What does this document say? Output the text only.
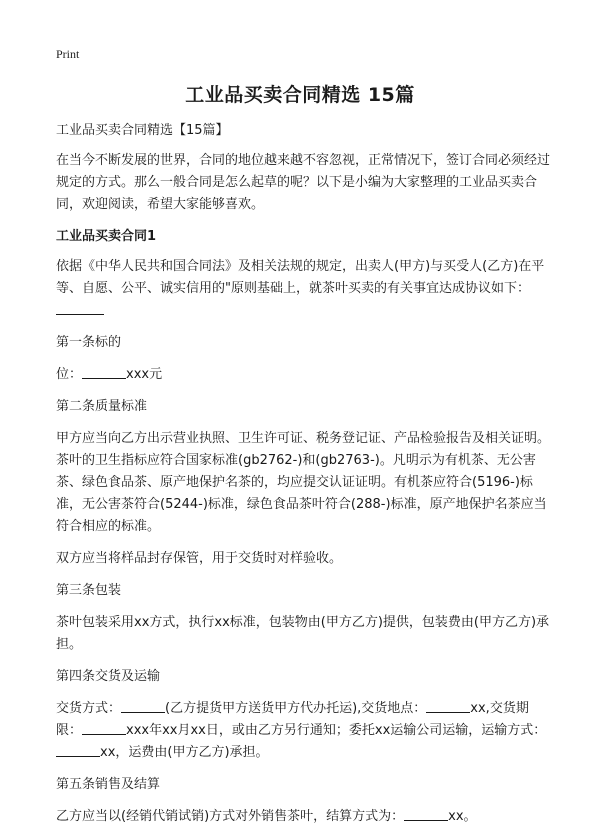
Print
工业品买卖合同精选 15篇

工业品买卖合同精选【15篇】

在当今不断发展的世界，合同的地位越来越不容忽视，正常情况下，签订合同必须经过规定的方式。那么一般合同是怎么起草的呢？以下是小编为大家整理的工业品买卖合同，欢迎阅读，希望大家能够喜欢。

工业品买卖合同1

依据《中华人民共和国合同法》及相关法规的规定，出卖人(甲方)与买受人(乙方)在平等、自愿、公平、诚实信用的"原则基础上，就茶叶买卖的有关事宜达成协议如下：

第一条标的

位：	xxx元

第二条质量标准

甲方应当向乙方出示营业执照、卫生许可证、税务登记证、产品检验报告及相关证明。茶叶的卫生指标应符合国家标准(gb2762-)和(gb2763-)。凡明示为有机茶、无公害茶、绿色食品茶、原产地保护名茶的，均应提交认证证明。有机茶应符合(5196-)标准，无公害茶符合(5244-)标准，绿色食品茶叶符合(288-)标准，原产地保护名茶应当符合相应的标准。

双方应当将样品封存保管，用于交货时对样验收。

第三条包装

茶叶包装采用xx方式，执行xx标准，包装物由(甲方乙方)提供，包装费由(甲方乙方)承担。

第四条交货及运输

交货方式：	(乙方提货甲方送货甲方代办托运),交货地点：	xx,交货期限：	xxx年xx月xx日，或由乙方另行通知；委托xx运输公司运输，运输方式：xx，运费由(甲方乙方)承担。

第五条销售及结算

乙方应当以(经销代销试销)方式对外销售茶叶，结算方式为：	xx。
